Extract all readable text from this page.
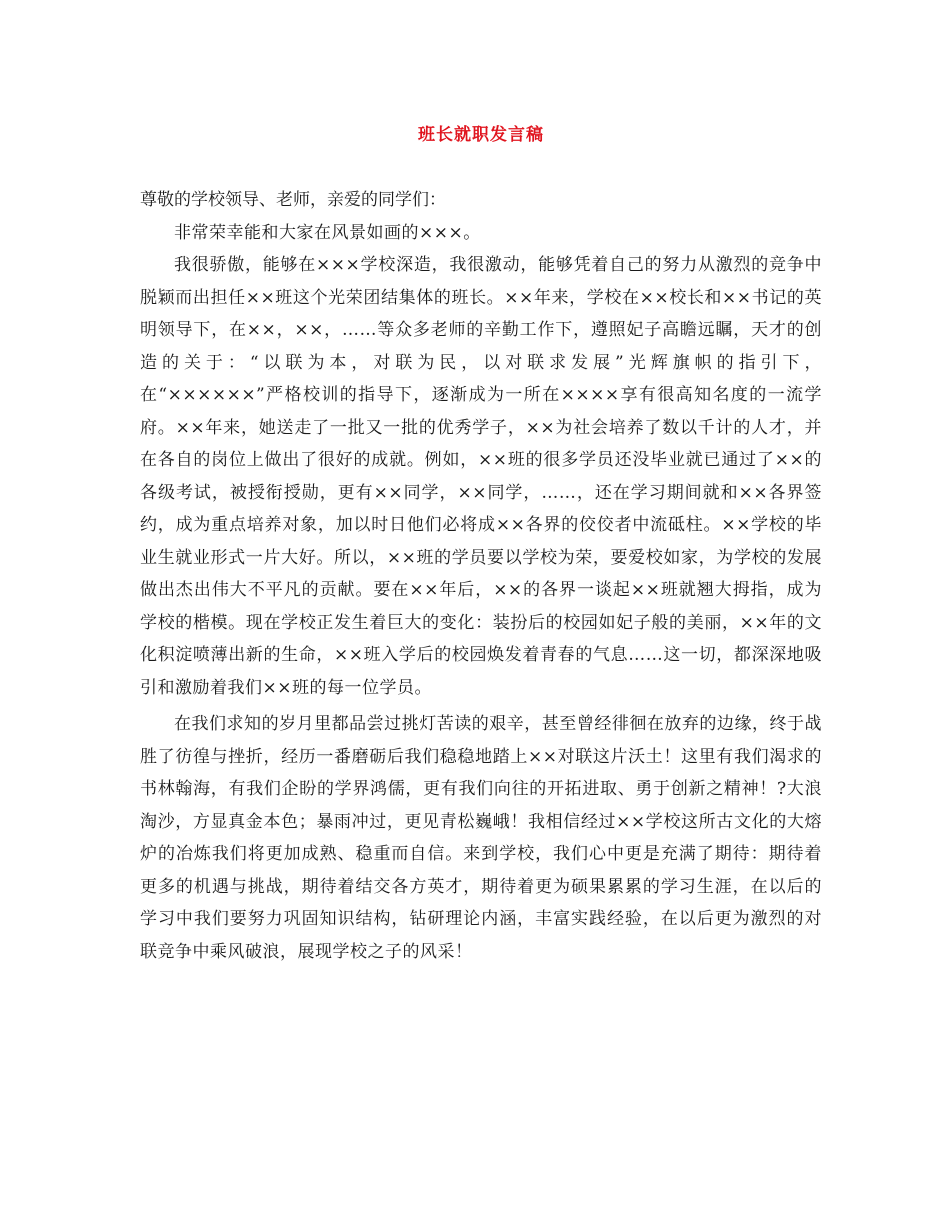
班长就职发言稿

尊敬的学校领导、老师，亲爱的同学们：

非常荣幸能和大家在风景如画的×××。

我很骄傲，能够在×××学校深造，我很激动，能够凭着自己的努力从激烈的竞争中脱颖而出担任××班这个光荣团结集体的班长。××年来，学校在××校长和××书记的英明领导下，在××，××，……等众多老师的辛勤工作下，遵照妃子高瞻远瞩，天才的创造的关于：“以联为本，对联为民，以对联求发展”光辉旗帜的指引下，在“××××××”严格校训的指导下，逐渐成为一所在××××享有很高知名度的一流学府。××年来，她送走了一批又一批的优秀学子，××为社会培养了数以千计的人才，并在各自的岗位上做出了很好的成就。例如，××班的很多学员还没毕业就已通过了××的各级考试，被授衔授勋，更有××同学，××同学，……，还在学习期间就和××各界签约，成为重点培养对象，加以时日他们必将成××各界的佼佼者中流砥柱。××学校的毕业生就业形式一片大好。所以，××班的学员要以学校为荣，要爱校如家，为学校的发展做出杰出伟大不平凡的贡献。要在××年后，××的各界一谈起××班就翘大拇指，成为学校的楷模。现在学校正发生着巨大的变化：装扮后的校园如妃子般的美丽，××年的文化积淀喷薄出新的生命，××班入学后的校园焕发着青春的气息……这一切，都深深地吸引和激励着我们××班的每一位学员。

在我们求知的岁月里都品尝过挑灯苦读的艰辛，甚至曾经徘徊在放弃的边缘，终于战胜了彷徨与挫折，经历一番磨砺后我们稳稳地踏上××对联这片沃土！这里有我们渴求的书林翰海，有我们企盼的学界鸿儒，更有我们向往的开拓进取、勇于创新之精神！?大浪淘沙，方显真金本色；暴雨冲过，更见青松巍峨！我相信经过××学校这所古文化的大熔炉的冶炼我们将更加成熟、稳重而自信。来到学校，我们心中更是充满了期待：期待着更多的机遇与挑战，期待着结交各方英才，期待着更为硕果累累的学习生涯，在以后的学习中我们要努力巩固知识结构，钻研理论内涵，丰富实践经验，在以后更为激烈的对联竞争中乘风破浪，展现学校之子的风采！
